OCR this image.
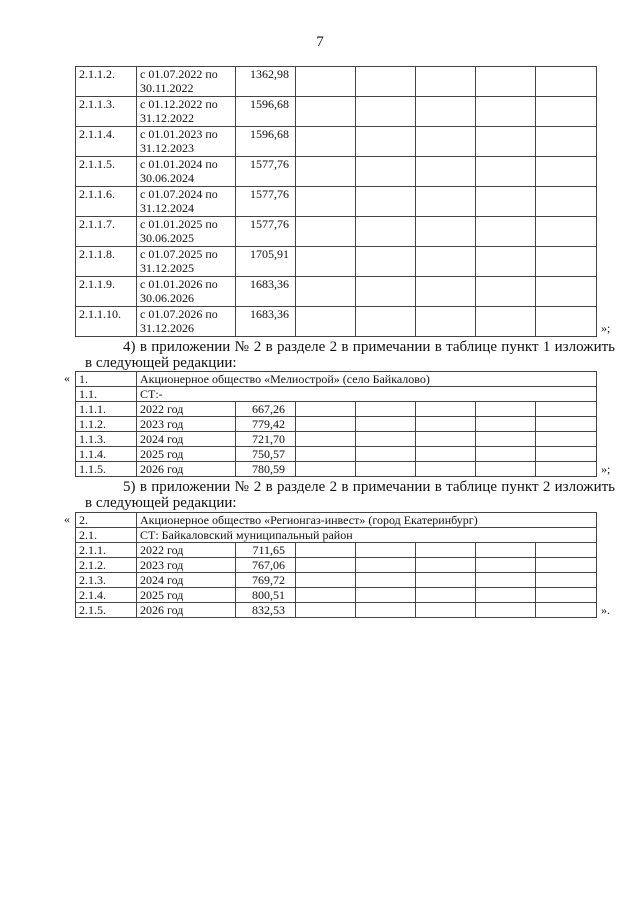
7
2.1.1.2.	с 01.07.2022 по
30.11.2022	1362,98					
2.1.1.3.	с 01.12.2022 по
31.12.2022	1596,68					
2.1.1.4.	с 01.01.2023 по
31.12.2023	1596,68					
2.1.1.5.	с 01.01.2024 по
30.06.2024	1577,76					
2.1.1.6.	с 01.07.2024 по
31.12.2024	1577,76					
2.1.1.7.	с 01.01.2025 по
30.06.2025	1577,76					
2.1.1.8.	с 01.07.2025 по
31.12.2025	1705,91					
2.1.1.9.	с 01.01.2026 по
30.06.2026	1683,36					
2.1.1.10.	с 01.07.2026 по
31.12.2026	1683,36					
»;
4) в приложении № 2 в разделе 2 в примечании в таблице пункт 1 изложить
в следующей редакции:
« 1.	Акционерное общество «Мелиострой» (село Байкалово)						
1.1.	СТ:-						
1.1.1.	2022 год	667,26					
1.1.2.	2023 год	779,42					
1.1.3.	2024 год	721,70					
1.1.4.	2025 год	750,57					
1.1.5.	2026 год	780,59						»;
5) в приложении № 2 в разделе 2 в примечании в таблице пункт 2 изложить
в следующей редакции:
« 2.	Акционерное общество «Регионгаз-инвест» (город Екатеринбург)						
2.1.	СТ: Байкаловский муниципальный район						
2.1.1.	2022 год	711,65					
2.1.2.	2023 год	767,06					
2.1.3.	2024 год	769,72					
2.1.4.	2025 год	800,51					
2.1.5.	2026 год	832,53						».
